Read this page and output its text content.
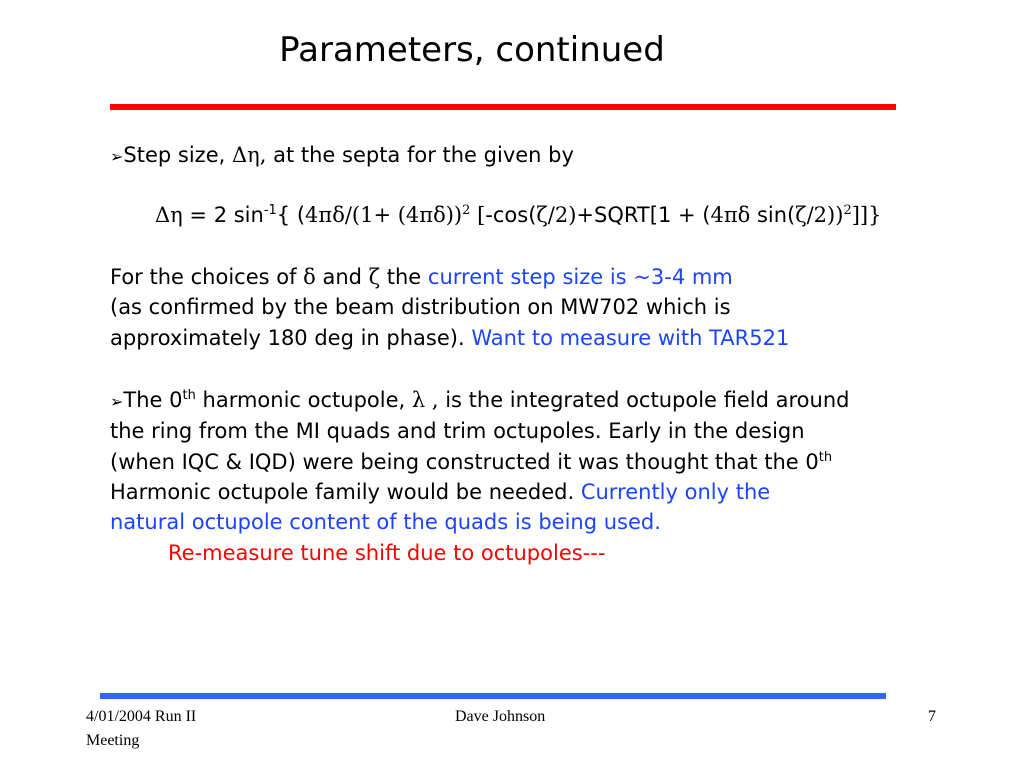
Parameters, continued
➢Step size, Δη, at the septa for the given by
Δη = 2 $\sin^{-1}${ ($4\pi\delta/(1+ (4\pi\delta))^2$ [-cos(ζ/2)+SQRT[1 + (4πδ sin(ζ/2))$^2$]]}
For the choices of δ and ζ the current step size is ~3-4 mm
(as confirmed by the beam distribution on MW702 which is
approximately 180 deg in phase). Want to measure with TAR521
➢The 0th harmonic octupole, λ , is the integrated octupole field around
the ring from the MI quads and trim octupoles. Early in the design
(when IQC & IQD) were being constructed it was thought that the 0th
Harmonic octupole family would be needed. Currently only the
natural octupole content of the quads is being used.
Re-measure tune shift due to octupoles---
4/01/2004 Run II
Meeting
Dave Johnson	7
